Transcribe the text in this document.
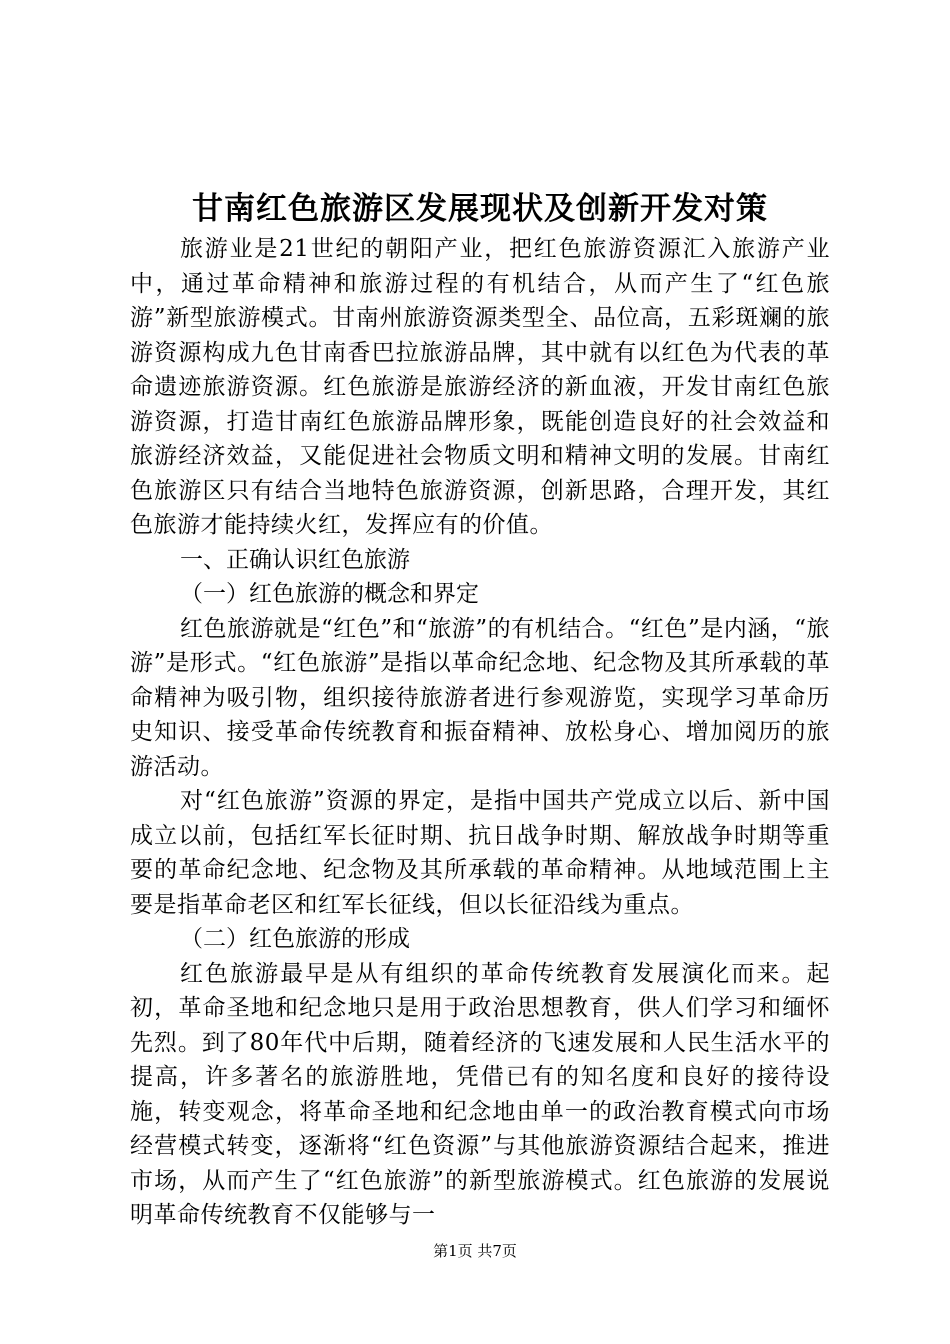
甘南红色旅游区发展现状及创新开发对策

旅游业是21世纪的朝阳产业，把红色旅游资源汇入旅游产业中，通过革命精神和旅游过程的有机结合，从而产生了“红色旅游”新型旅游模式。甘南州旅游资源类型全、品位高，五彩斑斓的旅游资源构成九色甘南香巴拉旅游品牌，其中就有以红色为代表的革命遗迹旅游资源。红色旅游是旅游经济的新血液，开发甘南红色旅游资源，打造甘南红色旅游品牌形象，既能创造良好的社会效益和旅游经济效益，又能促进社会物质文明和精神文明的发展。甘南红色旅游区只有结合当地特色旅游资源，创新思路，合理开发，其红色旅游才能持续火红，发挥应有的价值。

一、正确认识红色旅游

（一）红色旅游的概念和界定

红色旅游就是“红色”和“旅游”的有机结合。“红色”是内涵，“旅游”是形式。“红色旅游”是指以革命纪念地、纪念物及其所承载的革命精神为吸引物，组织接待旅游者进行参观游览，实现学习革命历史知识、接受革命传统教育和振奋精神、放松身心、增加阅历的旅游活动。

对“红色旅游”资源的界定，是指中国共产党成立以后、新中国成立以前，包括红军长征时期、抗日战争时期、解放战争时期等重要的革命纪念地、纪念物及其所承载的革命精神。从地域范围上主要是指革命老区和红军长征线，但以长征沿线为重点。

（二）红色旅游的形成

红色旅游最早是从有组织的革命传统教育发展演化而来。起初，革命圣地和纪念地只是用于政治思想教育，供人们学习和缅怀先烈。到了80年代中后期，随着经济的飞速发展和人民生活水平的提高，许多著名的旅游胜地，凭借已有的知名度和良好的接待设施，转变观念，将革命圣地和纪念地由单一的政治教育模式向市场经营模式转变，逐渐将“红色资源”与其他旅游资源结合起来，推进市场，从而产生了“红色旅游”的新型旅游模式。红色旅游的发展说明革命传统教育不仅能够与一

第1页 共7页
